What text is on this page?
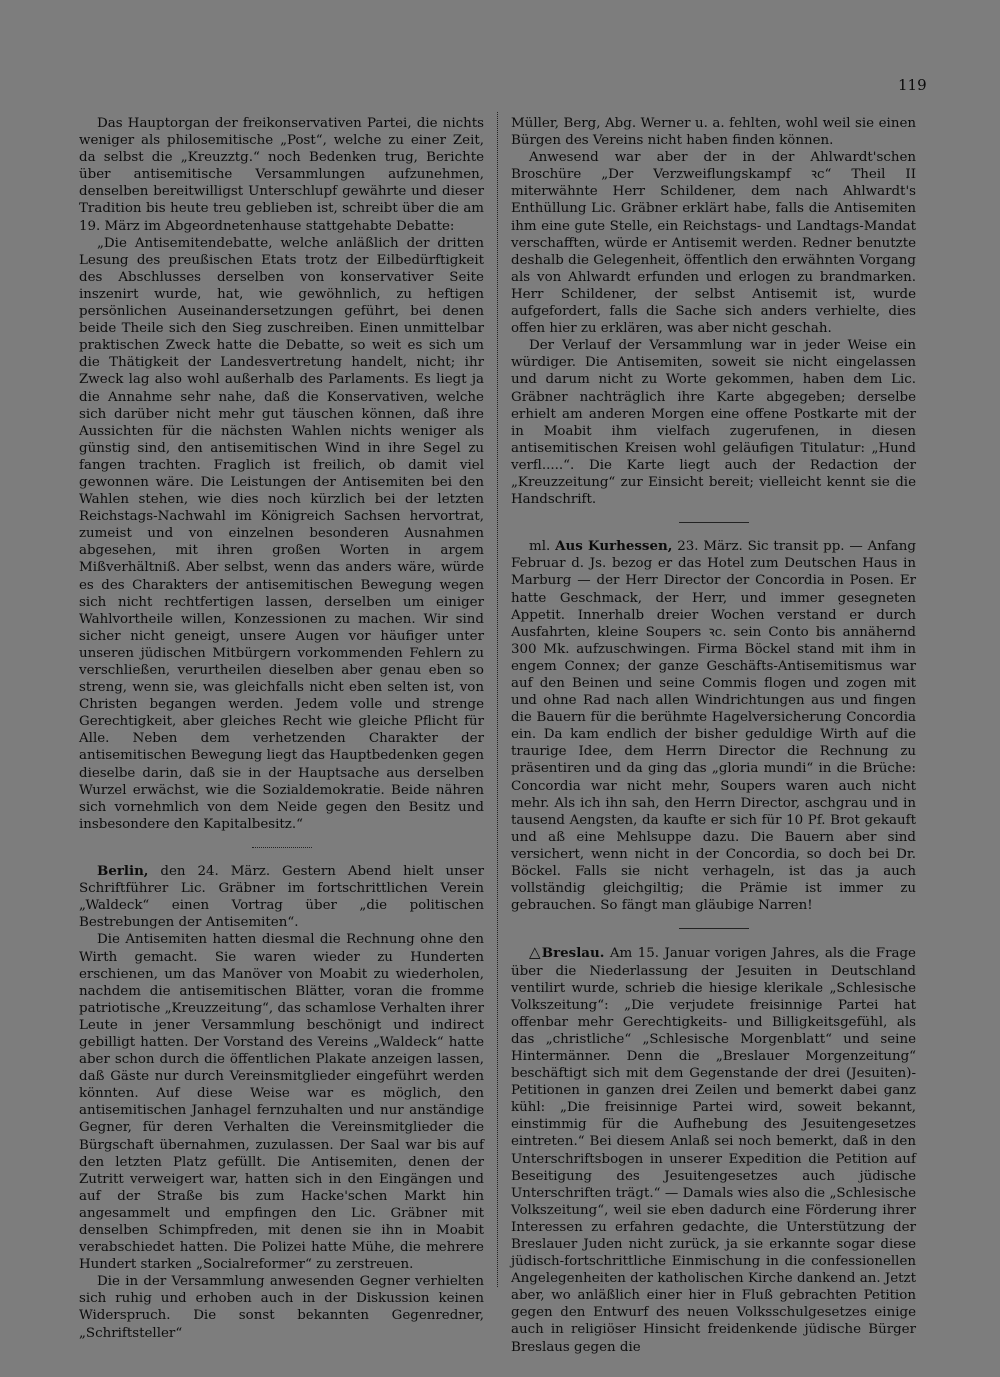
119

Das Hauptorgan der freikonservativen Partei, die nichts weniger als philosemitische „Post“, welche zu einer Zeit, da selbst die „Kreuzztg.“ noch Bedenken trug, Berichte über antisemitische Versammlungen aufzunehmen, denselben bereitwilligst Unterschlupf gewährte und dieser Tradition bis heute treu geblieben ist, schreibt über die am 19. März im Abgeordnetenhause stattgehabte Debatte:

„Die Antisemitendebatte, welche anläßlich der dritten Lesung des preußischen Etats trotz der Eilbedürftigkeit des Abschlusses derselben von konservativer Seite inszenirt wurde, hat, wie gewöhnlich, zu heftigen persönlichen Auseinandersetzungen geführt, bei denen beide Theile sich den Sieg zuschreiben. Einen unmittelbar praktischen Zweck hatte die Debatte, so weit es sich um die Thätigkeit der Landesvertretung handelt, nicht; ihr Zweck lag also wohl außerhalb des Parlaments. Es liegt ja die Annahme sehr nahe, daß die Konservativen, welche sich darüber nicht mehr gut täuschen können, daß ihre Aussichten für die nächsten Wahlen nichts weniger als günstig sind, den antisemitischen Wind in ihre Segel zu fangen trachten. Fraglich ist freilich, ob damit viel gewonnen wäre. Die Leistungen der Antisemiten bei den Wahlen stehen, wie dies noch kürzlich bei der letzten Reichstags-Nachwahl im Königreich Sachsen hervortrat, zumeist und von einzelnen besonderen Ausnahmen abgesehen, mit ihren großen Worten in argem Mißverhältniß. Aber selbst, wenn das anders wäre, würde es des Charakters der antisemitischen Bewegung wegen sich nicht rechtfertigen lassen, derselben um einiger Wahlvortheile willen, Konzessionen zu machen. Wir sind sicher nicht geneigt, unsere Augen vor häufiger unter unseren jüdischen Mitbürgern vorkommenden Fehlern zu verschließen, verurtheilen dieselben aber genau eben so streng, wenn sie, was gleichfalls nicht eben selten ist, von Christen begangen werden. Jedem volle und strenge Gerechtigkeit, aber gleiches Recht wie gleiche Pflicht für Alle. Neben dem verhetzenden Charakter der antisemitischen Bewegung liegt das Hauptbedenken gegen dieselbe darin, daß sie in der Hauptsache aus derselben Wurzel erwächst, wie die Sozialdemokratie. Beide nähren sich vornehmlich von dem Neide gegen den Besitz und insbesondere den Kapitalbesitz.“

Berlin, den 24. März. Gestern Abend hielt unser Schriftführer Lic. Gräbner im fortschrittlichen Verein „Waldeck“ einen Vortrag über „die politischen Bestrebungen der Antisemiten“.

Die Antisemiten hatten diesmal die Rechnung ohne den Wirth gemacht. Sie waren wieder zu Hunderten erschienen, um das Manöver von Moabit zu wiederholen, nachdem die antisemitischen Blätter, voran die fromme patriotische „Kreuzzeitung“, das schamlose Verhalten ihrer Leute in jener Versammlung beschönigt und indirect gebilligt hatten. Der Vorstand des Vereins „Waldeck“ hatte aber schon durch die öffentlichen Plakate anzeigen lassen, daß Gäste nur durch Vereinsmitglieder eingeführt werden könnten. Auf diese Weise war es möglich, den antisemitischen Janhagel fernzuhalten und nur anständige Gegner, für deren Verhalten die Vereinsmitglieder die Bürgschaft übernahmen, zuzulassen. Der Saal war bis auf den letzten Platz gefüllt. Die Antisemiten, denen der Zutritt verweigert war, hatten sich in den Eingängen und auf der Straße bis zum Hacke'schen Markt hin angesammelt und empfingen den Lic. Gräbner mit denselben Schimpfreden, mit denen sie ihn in Moabit verabschiedet hatten. Die Polizei hatte Mühe, die mehrere Hundert starken „Socialreformer“ zu zerstreuen.

Die in der Versammlung anwesenden Gegner verhielten sich ruhig und erhoben auch in der Diskussion keinen Widerspruch. Die sonst bekannten Gegenredner, „Schriftsteller“

Müller, Berg, Abg. Werner u. a. fehlten, wohl weil sie einen Bürgen des Vereins nicht haben finden können.

Anwesend war aber der in der Ahlwardt'schen Broschüre „Der Verzweiflungskampf ꝛc“ Theil II miterwähnte Herr Schildener, dem nach Ahlwardt's Enthüllung Lic. Gräbner erklärt habe, falls die Antisemiten ihm eine gute Stelle, ein Reichstags- und Landtags-Mandat verschafften, würde er Antisemit werden. Redner benutzte deshalb die Gelegenheit, öffentlich den erwähnten Vorgang als von Ahlwardt erfunden und erlogen zu brandmarken. Herr Schildener, der selbst Antisemit ist, wurde aufgefordert, falls die Sache sich anders verhielte, dies offen hier zu erklären, was aber nicht geschah.

Der Verlauf der Versammlung war in jeder Weise ein würdiger. Die Antisemiten, soweit sie nicht eingelassen und darum nicht zu Worte gekommen, haben dem Lic. Gräbner nachträglich ihre Karte abgegeben; derselbe erhielt am anderen Morgen eine offene Postkarte mit der in Moabit ihm vielfach zugerufenen, in diesen antisemitischen Kreisen wohl geläufigen Titulatur: „Hund verfl.....“. Die Karte liegt auch der Redaction der „Kreuzzeitung“ zur Einsicht bereit; vielleicht kennt sie die Handschrift.

ml. Aus Kurhessen, 23. März. Sic transit pp. — Anfang Februar d. Js. bezog er das Hotel zum Deutschen Haus in Marburg — der Herr Director der Concordia in Posen. Er hatte Geschmack, der Herr, und immer gesegneten Appetit. Innerhalb dreier Wochen verstand er durch Ausfahrten, kleine Soupers ꝛc. sein Conto bis annähernd 300 Mk. aufzuschwingen. Firma Böckel stand mit ihm in engem Connex; der ganze Geschäfts-Antisemitismus war auf den Beinen und seine Commis flogen und zogen mit und ohne Rad nach allen Windrichtungen aus und fingen die Bauern für die berühmte Hagelversicherung Concordia ein. Da kam endlich der bisher geduldige Wirth auf die traurige Idee, dem Herrn Director die Rechnung zu präsentiren und da ging das „gloria mundi“ in die Brüche: Concordia war nicht mehr, Soupers waren auch nicht mehr. Als ich ihn sah, den Herrn Director, aschgrau und in tausend Aengsten, da kaufte er sich für 10 Pf. Brot gekauft und aß eine Mehlsuppe dazu. Die Bauern aber sind versichert, wenn nicht in der Concordia, so doch bei Dr. Böckel. Falls sie nicht verhageln, ist das ja auch vollständig gleichgiltig; die Prämie ist immer zu gebrauchen. So fängt man gläubige Narren!

△Breslau. Am 15. Januar vorigen Jahres, als die Frage über die Niederlassung der Jesuiten in Deutschland ventilirt wurde, schrieb die hiesige klerikale „Schlesische Volkszeitung“: „Die verjudete freisinnige Partei hat offenbar mehr Gerechtigkeits- und Billigkeitsgefühl, als das „christliche“ „Schlesische Morgenblatt“ und seine Hintermänner. Denn die „Breslauer Morgenzeitung“ beschäftigt sich mit dem Gegenstande der drei (Jesuiten)-Petitionen in ganzen drei Zeilen und bemerkt dabei ganz kühl: „Die freisinnige Partei wird, soweit bekannt, einstimmig für die Aufhebung des Jesuitengesetzes eintreten.“ Bei diesem Anlaß sei noch bemerkt, daß in den Unterschriftsbogen in unserer Expedition die Petition auf Beseitigung des Jesuitengesetzes auch jüdische Unterschriften trägt.“ — Damals wies also die „Schlesische Volkszeitung“, weil sie eben dadurch eine Förderung ihrer Interessen zu erfahren gedachte, die Unterstützung der Breslauer Juden nicht zurück, ja sie erkannte sogar diese jüdisch-fortschrittliche Einmischung in die confessionellen Angelegenheiten der katholischen Kirche dankend an. Jetzt aber, wo anläßlich einer hier in Fluß gebrachten Petition gegen den Entwurf des neuen Volksschulgesetzes einige auch in religiöser Hinsicht freidenkende jüdische Bürger Breslaus gegen die
